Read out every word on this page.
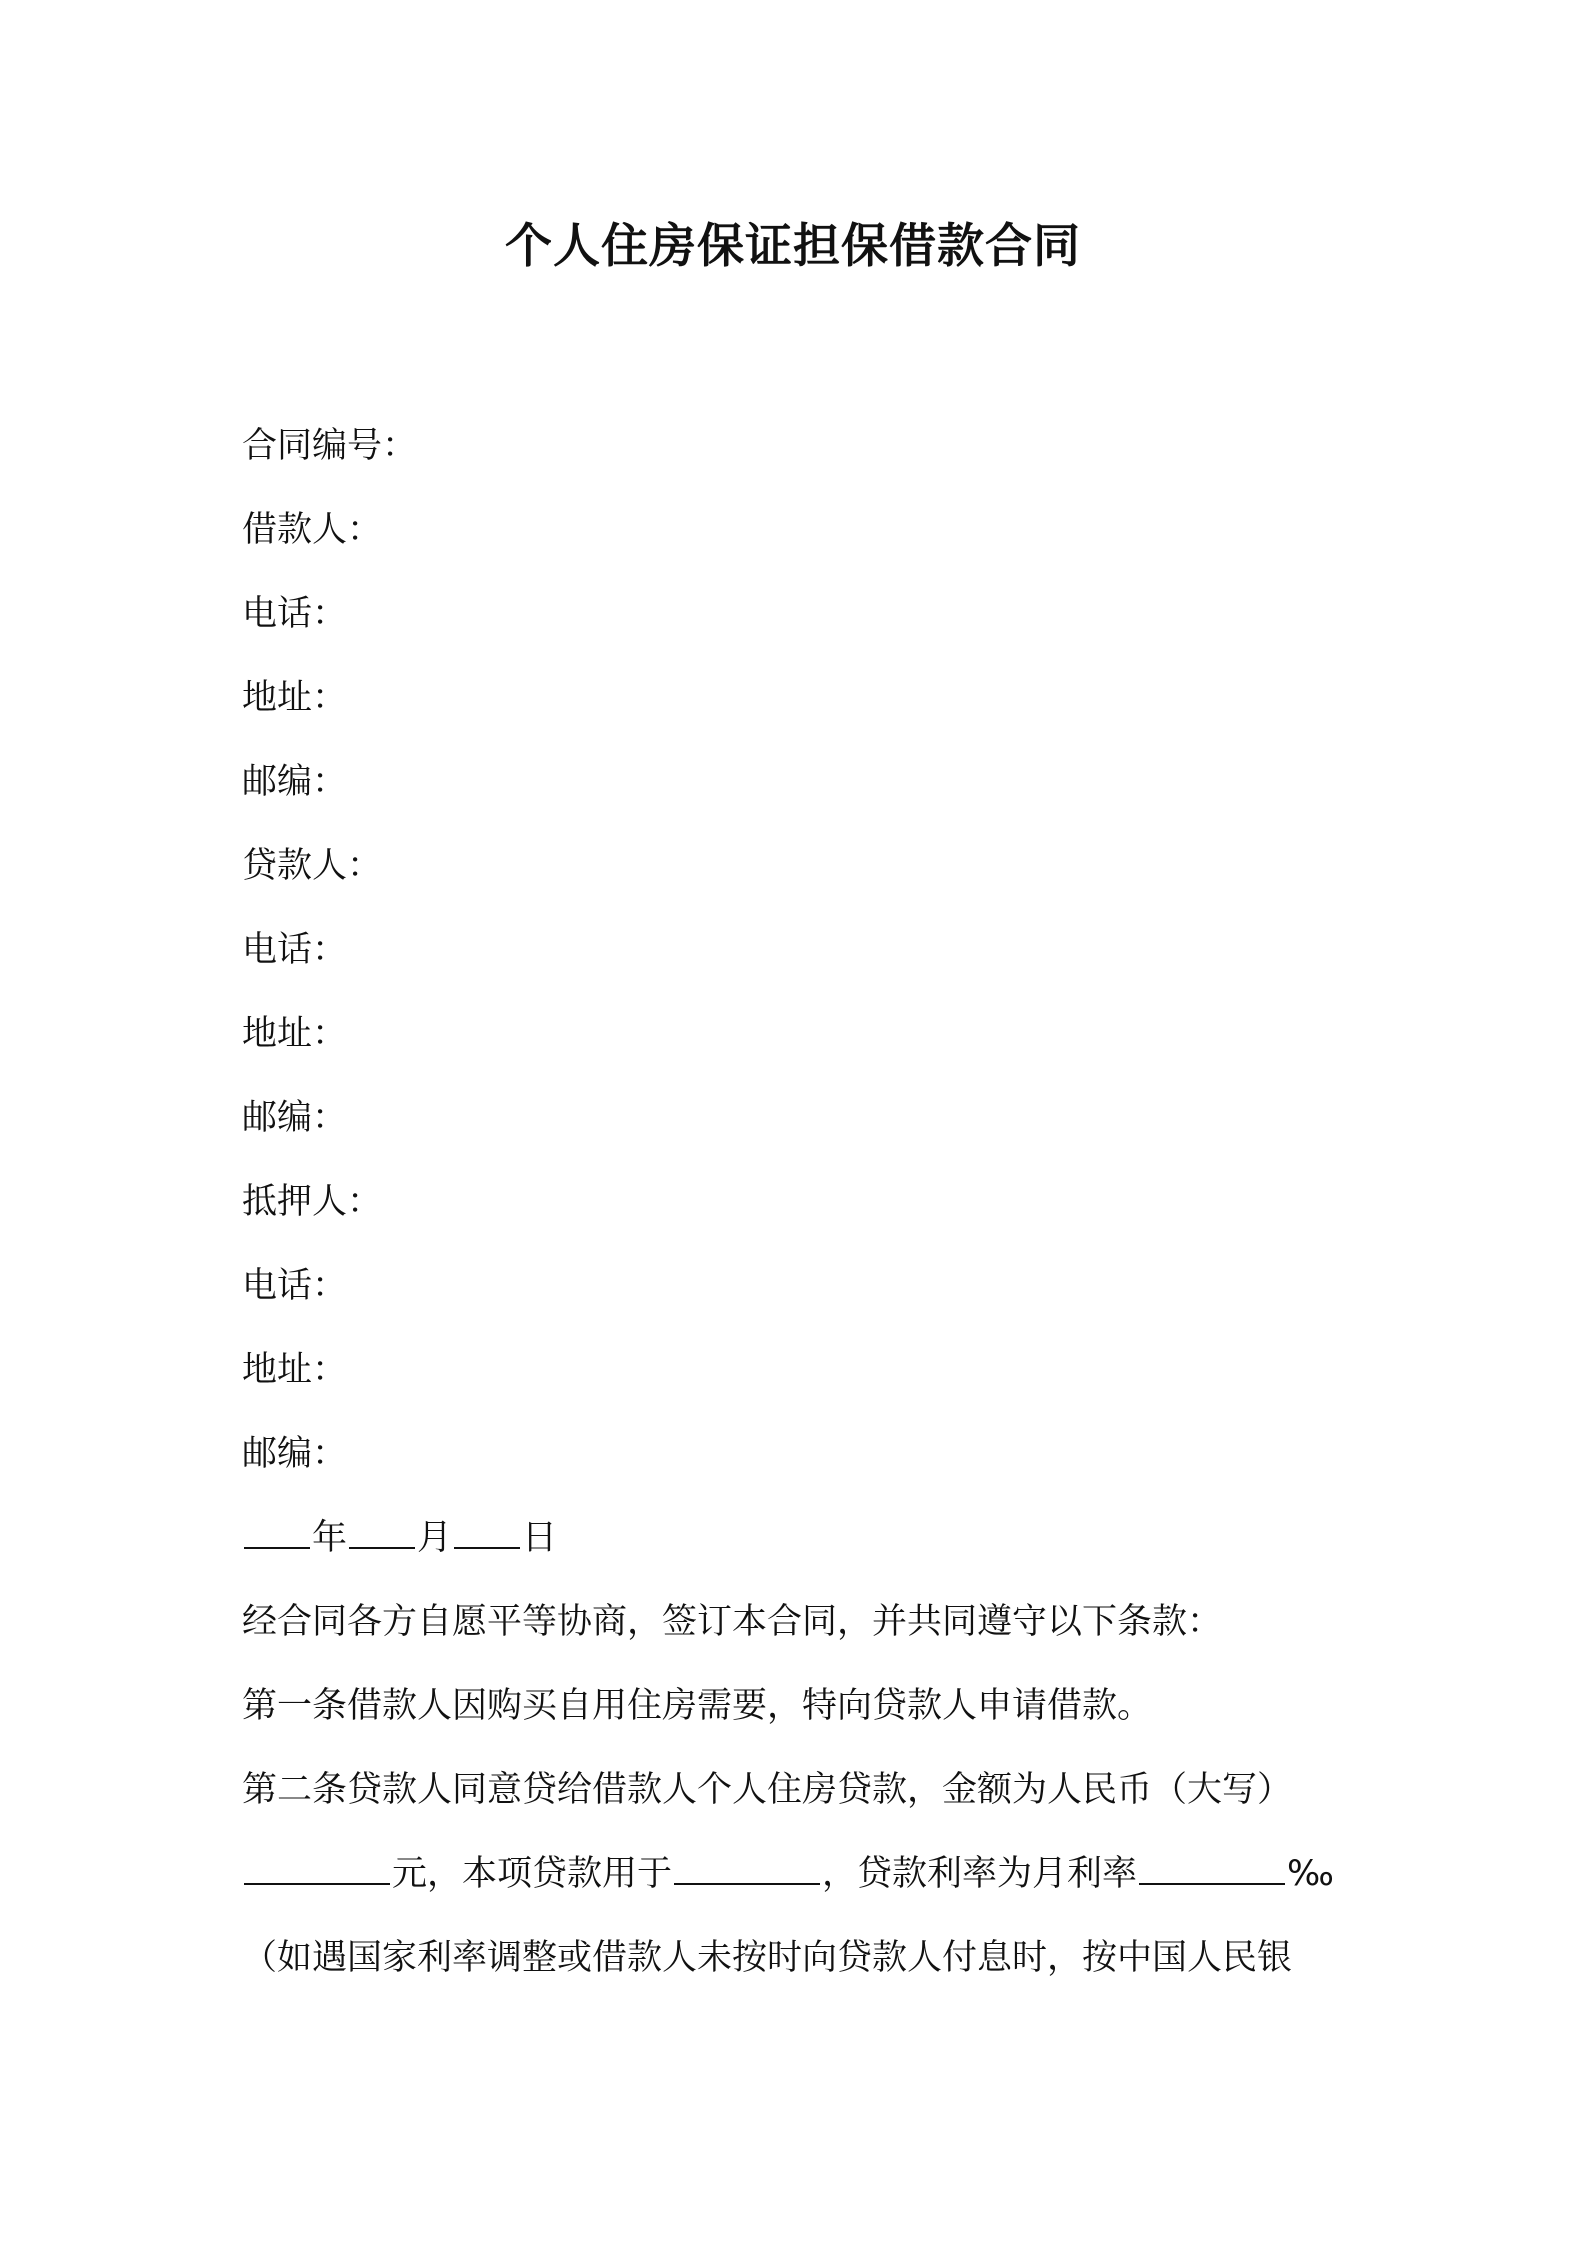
个人住房保证担保借款合同
合同编号：
借款人：
电话：
地址：
邮编：
贷款人：
电话：
地址：
邮编：
抵押人：
电话：
地址：
邮编：
年 月 日
经合同各方自愿平等协商，签订本合同，并共同遵守以下条款：
第一条借款人因购买自用住房需要，特向贷款人申请借款。
第二条贷款人同意贷给借款人个人住房贷款，金额为人民币（大写）
元，本项贷款用于	，贷款利率为月利率	‰
（如遇国家利率调整或借款人未按时向贷款人付息时，按中国人民银
